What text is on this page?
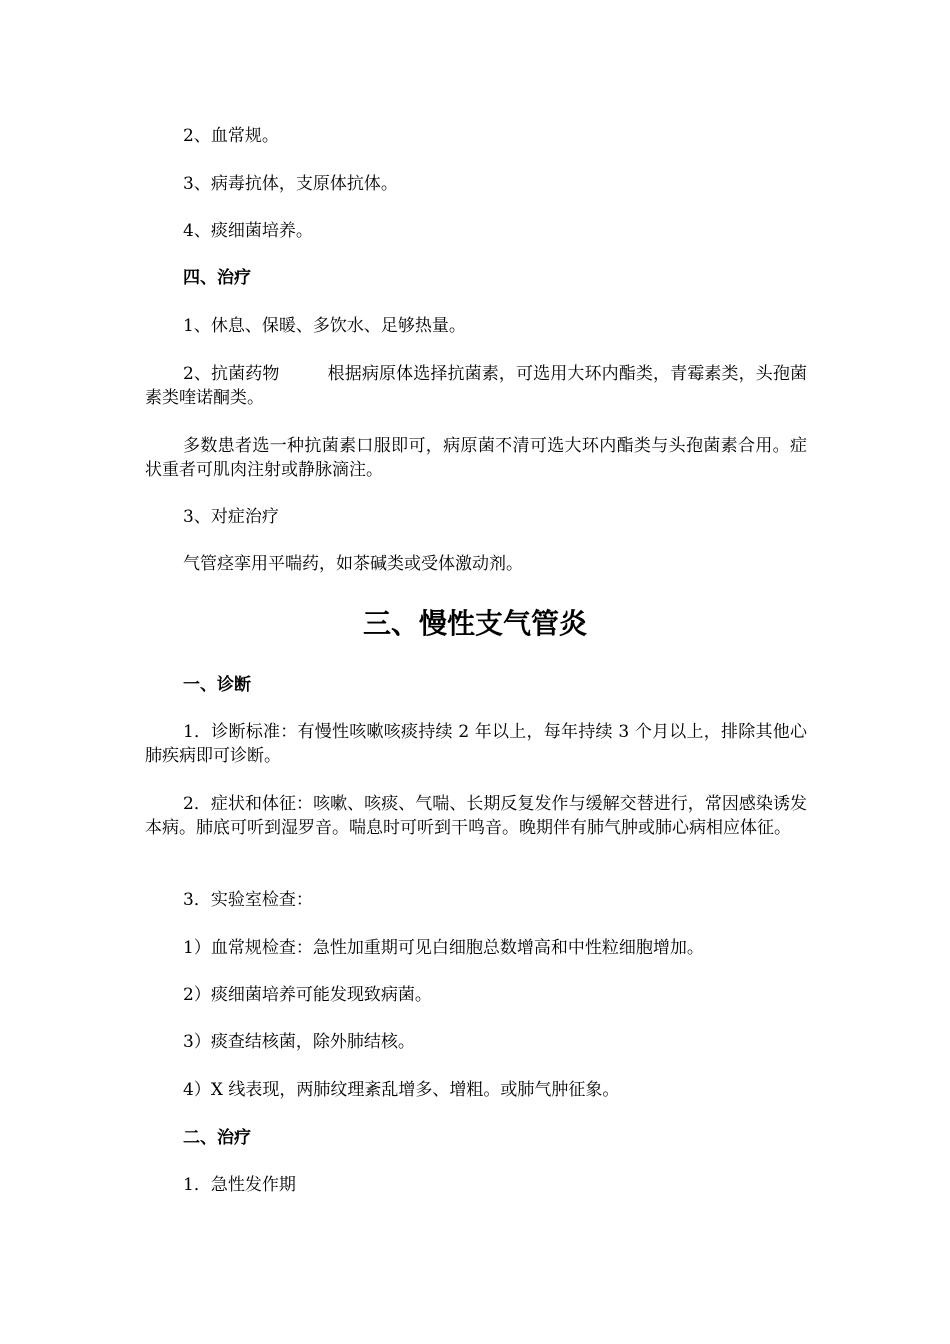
2、血常规。

3、病毒抗体，支原体抗体。

4、痰细菌培养。

四、治疗

1、休息、保暖、多饮水、足够热量。

2、抗菌药物	根据病原体选择抗菌素，可选用大环内酯类，青霉素类，头孢菌素类喹诺酮类。

多数患者选一种抗菌素口服即可，病原菌不清可选大环内酯类与头孢菌素合用。症状重者可肌肉注射或静脉滴注。

3、对症治疗

气管痉挛用平喘药，如茶碱类或受体激动剂。

三、慢性支气管炎

一、诊断

1．诊断标准：有慢性咳嗽咳痰持续 2 年以上，每年持续 3 个月以上，排除其他心肺疾病即可诊断。

2．症状和体征：咳嗽、咳痰、气喘、长期反复发作与缓解交替进行，常因感染诱发本病。肺底可听到湿罗音。喘息时可听到干鸣音。晚期伴有肺气肿或肺心病相应体征。

3．实验室检查：

1）血常规检查：急性加重期可见白细胞总数增高和中性粒细胞增加。

2）痰细菌培养可能发现致病菌。

3）痰查结核菌，除外肺结核。

4）X 线表现，两肺纹理紊乱增多、增粗。或肺气肿征象。

二、治疗

1．急性发作期
